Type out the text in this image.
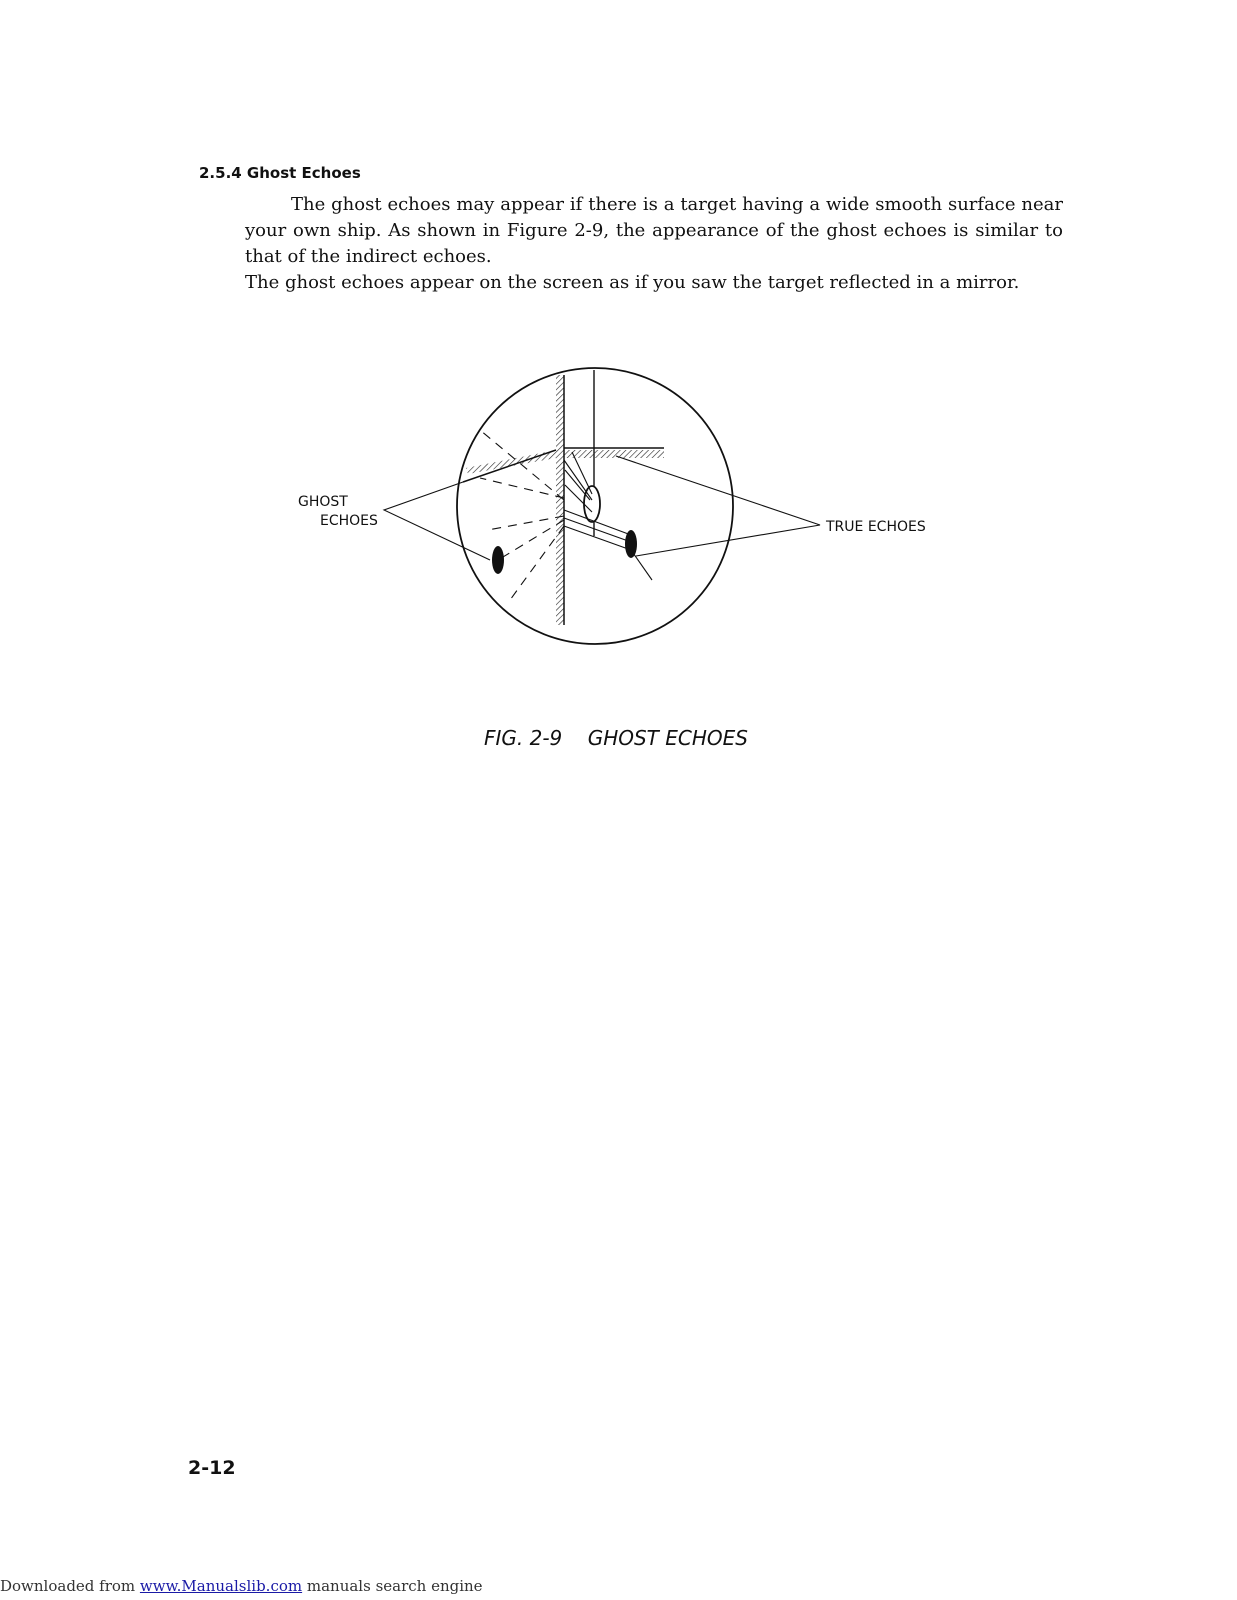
2.5.4 Ghost Echoes

The ghost echoes may appear if there is a target having a wide smooth surface near your own ship. As shown in Figure 2-9, the appearance of the ghost echoes is similar to that of the indirect echoes.

The ghost echoes appear on the screen as if you saw the target reflected in a mirror.

GHOST
ECHOES	TRUE ECHOES

FIG. 2-9    GHOST ECHOES

2-12

Downloaded from www.Manualslib.com manuals search engine
